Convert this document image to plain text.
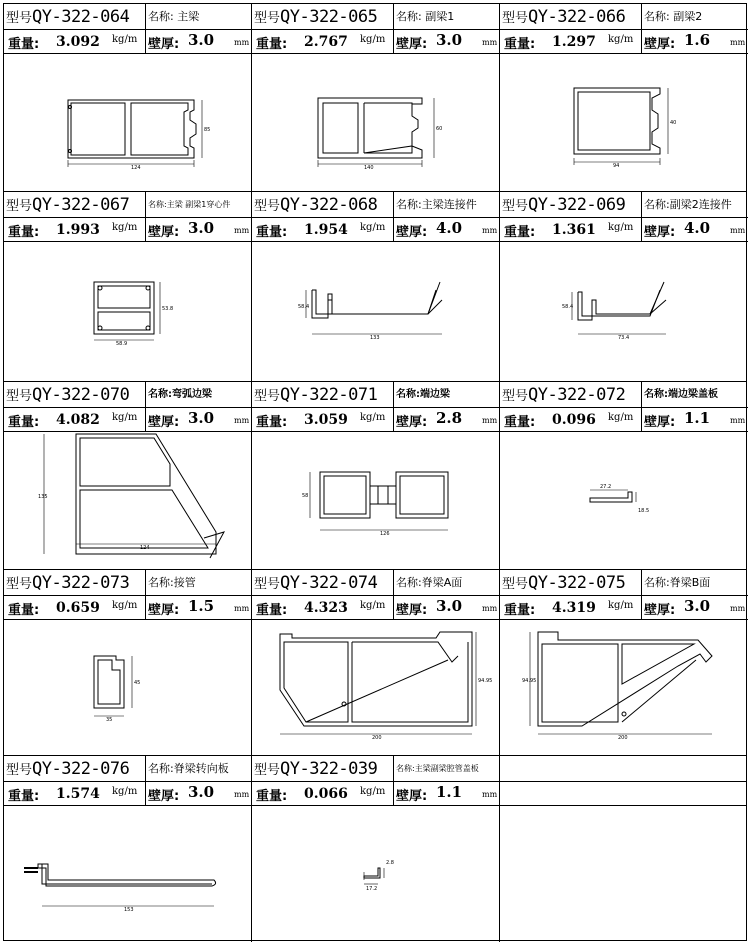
型号QY-322-064	名称: 主梁
重量: 3.092 kg/m 壁厚: 3.0 mm
124
85
型号QY-322-065	名称: 副梁1
重量: 2.767 kg/m 壁厚: 3.0 mm
140
60
型号QY-322-066	名称: 副梁2
重量: 1.297 kg/m 壁厚: 1.6 mm
94
40
型号QY-322-067	名称:主梁 副梁1穿心件
重量: 1.993 kg/m 壁厚: 3.0 mm
58.9
53.8
型号QY-322-068	名称:主梁连接件
重量: 1.954 kg/m 壁厚: 4.0 mm
133
58.4
型号QY-322-069	名称:副梁2连接件
重量: 1.361 kg/m 壁厚: 4.0 mm
73.4
58.4
型号QY-322-070	名称:弯弧边梁
重量: 4.082 kg/m 壁厚: 3.0 mm
135
124
型号QY-322-071	名称:端边梁
重量: 3.059 kg/m 壁厚: 2.8 mm
126
58
型号QY-322-072	名称:端边梁盖板
重量: 0.096 kg/m 壁厚: 1.1 mm
27.2
18.5
型号QY-322-073	名称:接管
重量: 0.659 kg/m 壁厚: 1.5 mm
35
45
型号QY-322-074	名称:脊梁A面
重量: 4.323 kg/m 壁厚: 3.0 mm
200
94.95
型号QY-322-075	名称:脊梁B面
重量: 4.319 kg/m 壁厚: 3.0 mm
200
94.95
型号QY-322-076	名称:脊梁转向板
重量: 1.574 kg/m 壁厚: 3.0 mm
153
型号QY-322-039	名称:主梁副梁腔管盖板
重量: 0.066 kg/m 壁厚: 1.1 mm
17.2
2.8
